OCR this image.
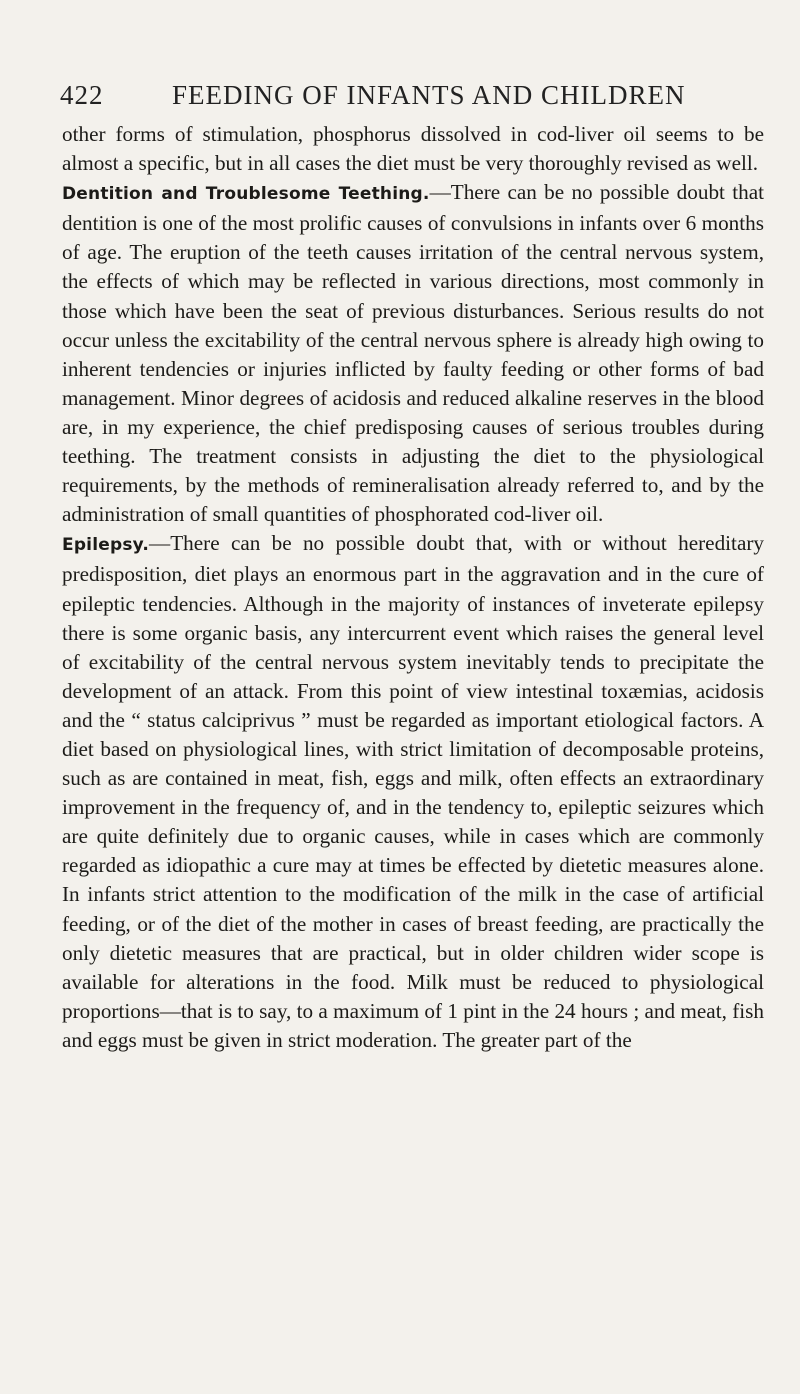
422	FEEDING OF INFANTS AND CHILDREN

other forms of stimulation, phosphorus dissolved in cod-liver oil seems to be almost a specific, but in all cases the diet must be very thoroughly revised as well.

Dentition and Troublesome Teething.—There can be no possible doubt that dentition is one of the most prolific causes of convulsions in infants over 6 months of age. The eruption of the teeth causes irritation of the central nervous system, the effects of which may be reflected in various directions, most commonly in those which have been the seat of previous disturbances. Serious results do not occur unless the excitability of the central nervous sphere is already high owing to inherent tendencies or injuries inflicted by faulty feeding or other forms of bad management. Minor degrees of acidosis and reduced alkaline reserves in the blood are, in my experience, the chief predisposing causes of serious troubles during teething. The treatment consists in adjusting the diet to the physiological requirements, by the methods of remineralisation already referred to, and by the administration of small quantities of phosphorated cod-liver oil.

Epilepsy.—There can be no possible doubt that, with or without hereditary predisposition, diet plays an enormous part in the aggravation and in the cure of epileptic tendencies. Although in the majority of instances of inveterate epilepsy there is some organic basis, any intercurrent event which raises the general level of excitability of the central nervous system inevitably tends to precipitate the development of an attack. From this point of view intestinal toxæmias, acidosis and the “ status calciprivus ” must be regarded as important etiological factors. A diet based on physiological lines, with strict limitation of decomposable proteins, such as are contained in meat, fish, eggs and milk, often effects an extraordinary improvement in the frequency of, and in the tendency to, epileptic seizures which are quite definitely due to organic causes, while in cases which are commonly regarded as idiopathic a cure may at times be effected by dietetic measures alone. In infants strict attention to the modification of the milk in the case of artificial feeding, or of the diet of the mother in cases of breast feeding, are practically the only dietetic measures that are practical, but in older children wider scope is available for alterations in the food. Milk must be reduced to physiological proportions—that is to say, to a maximum of 1 pint in the 24 hours ; and meat, fish and eggs must be given in strict moderation. The greater part of the
